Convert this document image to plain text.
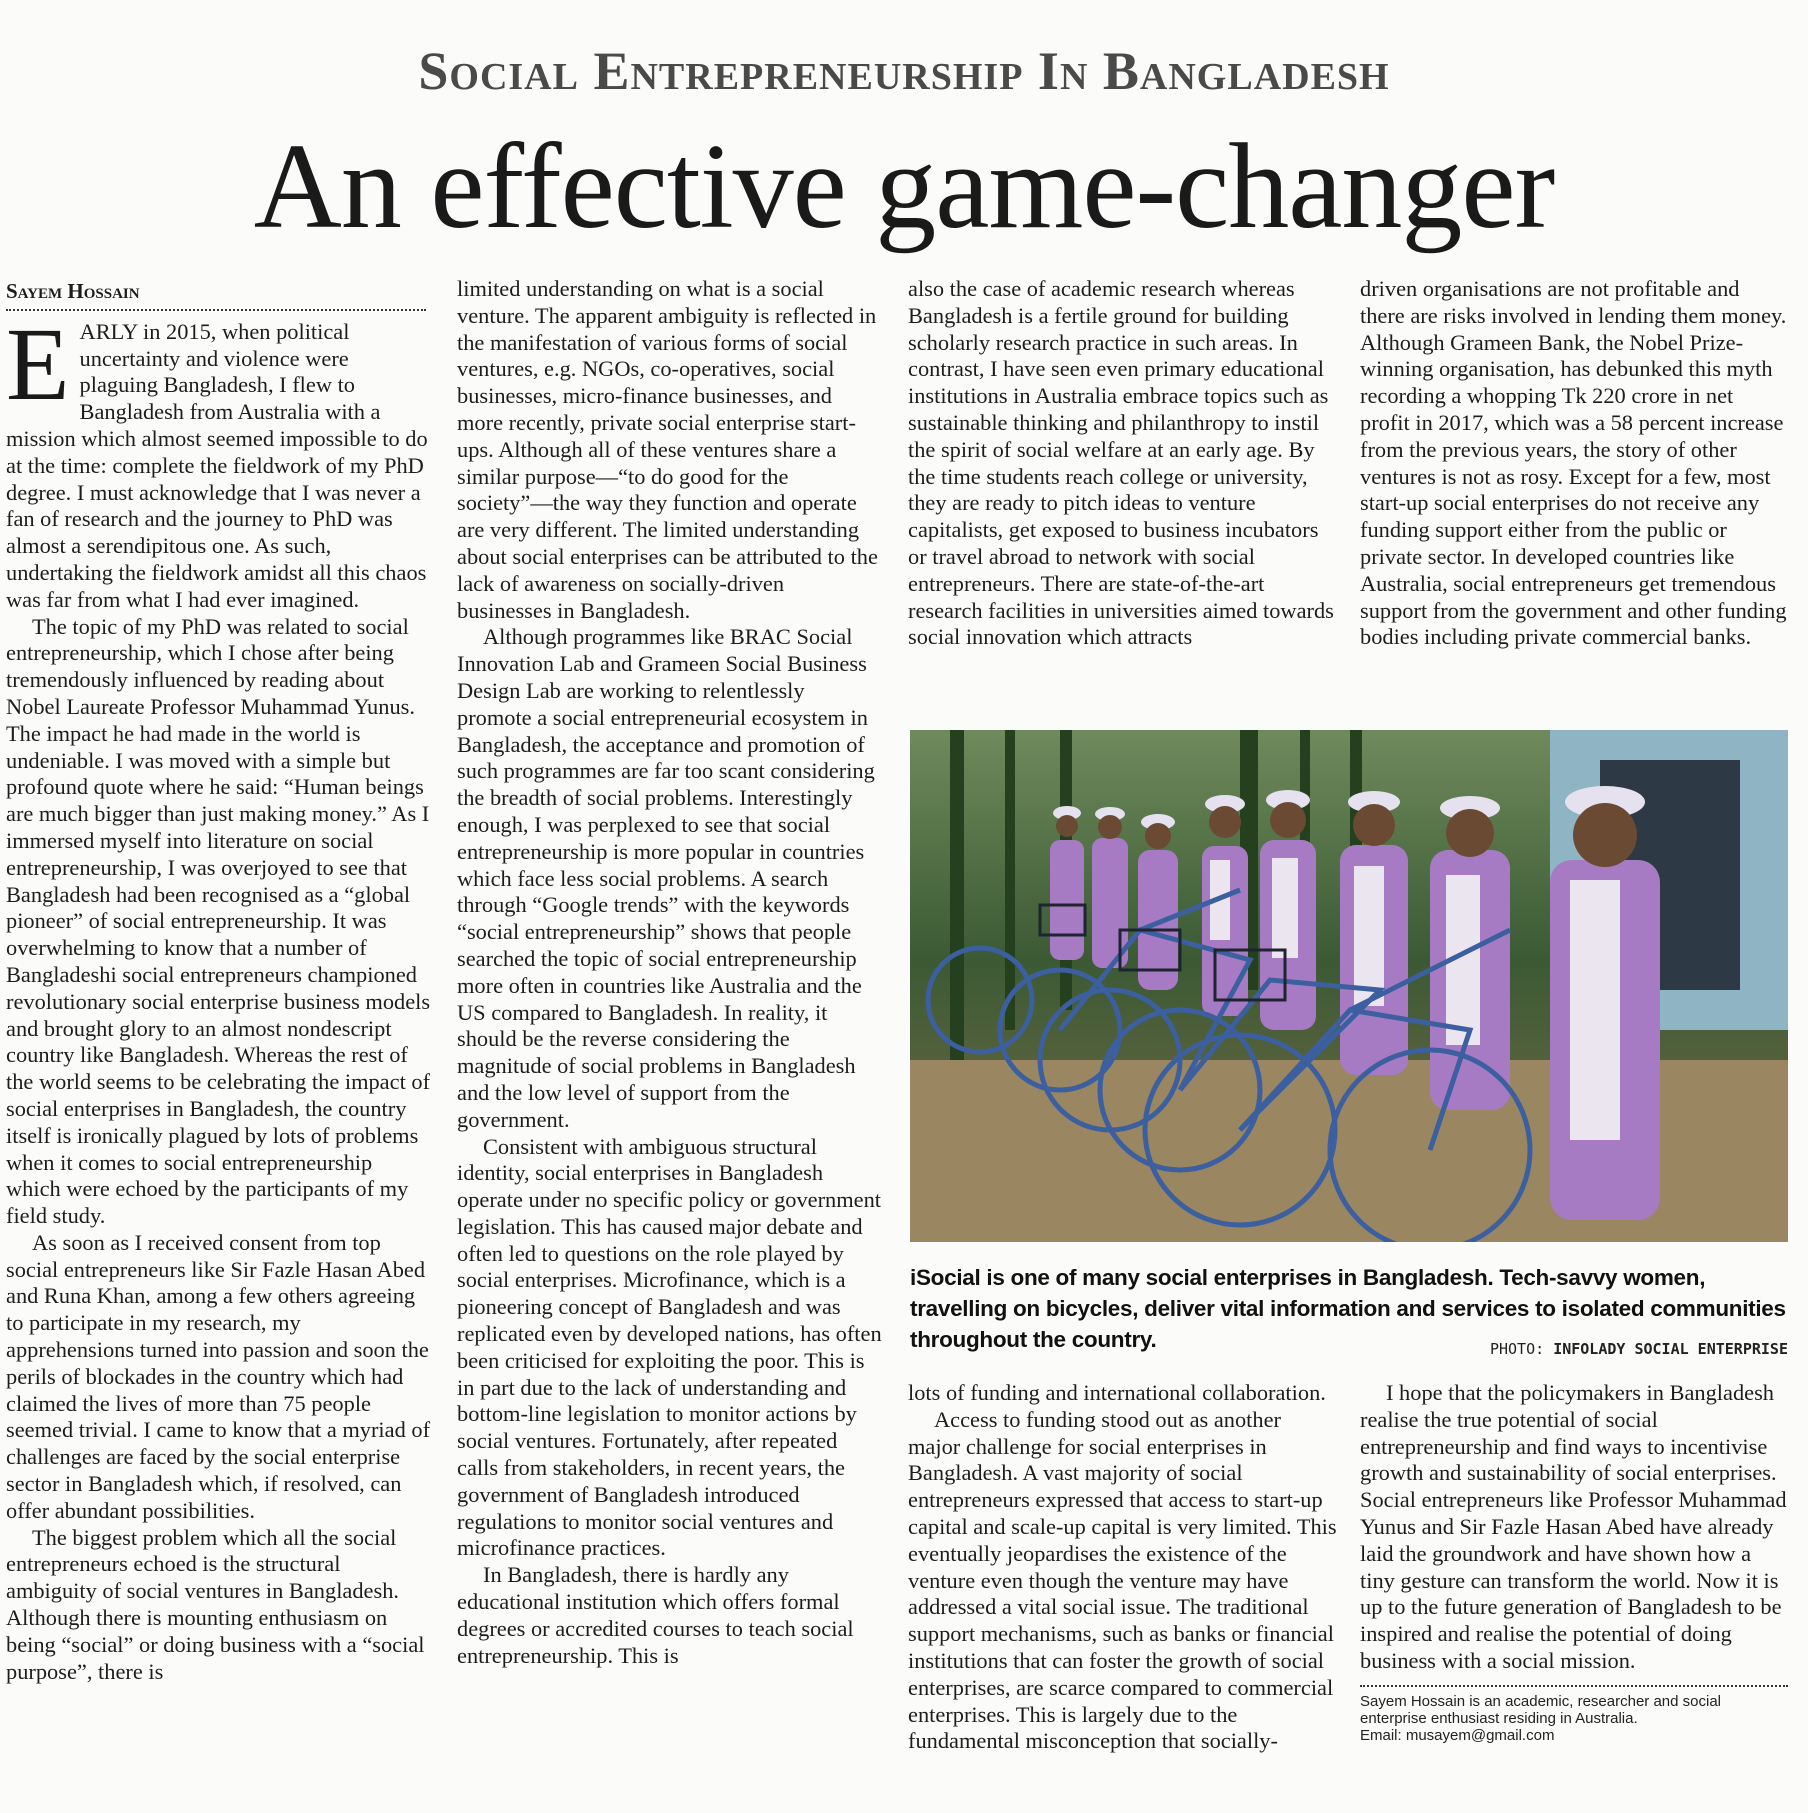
Social Entrepreneurship In Bangladesh
An effective game-changer
Sayem Hossain
E ARLY in 2015, when political uncertainty and violence were plaguing Bangladesh, I flew to Bangladesh from Australia with a mission which almost seemed impossible to do at the time: complete the fieldwork of my PhD degree. I must acknowledge that I was never a fan of research and the journey to PhD was almost a serendipitous one. As such, undertaking the fieldwork amidst all this chaos was far from what I had ever imagined.

The topic of my PhD was related to social entrepreneurship, which I chose after being tremendously influenced by reading about Nobel Laureate Professor Muhammad Yunus. The impact he had made in the world is undeniable. I was moved with a simple but profound quote where he said: “Human beings are much bigger than just making money.” As I immersed myself into literature on social entrepreneurship, I was overjoyed to see that Bangladesh had been recognised as a “global pioneer” of social entrepreneurship. It was overwhelming to know that a number of Bangladeshi social entrepreneurs championed revolutionary social enterprise business models and brought glory to an almost nondescript country like Bangladesh. Whereas the rest of the world seems to be celebrating the impact of social enterprises in Bangladesh, the country itself is ironically plagued by lots of problems when it comes to social entrepreneurship which were echoed by the participants of my field study.

As soon as I received consent from top social entrepreneurs like Sir Fazle Hasan Abed and Runa Khan, among a few others agreeing to participate in my research, my apprehensions turned into passion and soon the perils of blockades in the country which had claimed the lives of more than 75 people seemed trivial. I came to know that a myriad of challenges are faced by the social enterprise sector in Bangladesh which, if resolved, can offer abundant possibilities.

The biggest problem which all the social entrepreneurs echoed is the structural ambiguity of social ventures in Bangladesh. Although there is mounting enthusiasm on being “social” or doing business with a “social purpose”, there is

limited understanding on what is a social venture. The apparent ambiguity is reflected in the manifestation of various forms of social ventures, e.g. NGOs, co-operatives, social businesses, micro-finance businesses, and more recently, private social enterprise start-ups. Although all of these ventures share a similar purpose—“to do good for the society”—the way they function and operate are very different. The limited understanding about social enterprises can be attributed to the lack of awareness on socially-driven businesses in Bangladesh.

Although programmes like BRAC Social Innovation Lab and Grameen Social Business Design Lab are working to relentlessly promote a social entrepreneurial ecosystem in Bangladesh, the acceptance and promotion of such programmes are far too scant considering the breadth of social problems. Interestingly enough, I was perplexed to see that social entrepreneurship is more popular in countries which face less social problems. A search through “Google trends” with the keywords “social entrepreneurship” shows that people searched the topic of social entrepreneurship more often in countries like Australia and the US compared to Bangladesh. In reality, it should be the reverse considering the magnitude of social problems in Bangladesh and the low level of support from the government.

Consistent with ambiguous structural identity, social enterprises in Bangladesh operate under no specific policy or government legislation. This has caused major debate and often led to questions on the role played by social enterprises. Microfinance, which is a pioneering concept of Bangladesh and was replicated even by developed nations, has often been criticised for exploiting the poor. This is in part due to the lack of understanding and bottom-line legislation to monitor actions by social ventures. Fortunately, after repeated calls from stakeholders, in recent years, the government of Bangladesh introduced regulations to monitor social ventures and microfinance practices.

In Bangladesh, there is hardly any educational institution which offers formal degrees or accredited courses to teach social entrepreneurship. This is

also the case of academic research whereas Bangladesh is a fertile ground for building scholarly research practice in such areas. In contrast, I have seen even primary educational institutions in Australia embrace topics such as sustainable thinking and philanthropy to instil the spirit of social welfare at an early age. By the time students reach college or university, they are ready to pitch ideas to venture capitalists, get exposed to business incubators or travel abroad to network with social entrepreneurs. There are state-of-the-art research facilities in universities aimed towards social innovation which attracts

driven organisations are not profitable and there are risks involved in lending them money. Although Grameen Bank, the Nobel Prize-winning organisation, has debunked this myth recording a whopping Tk 220 crore in net profit in 2017, which was a 58 percent increase from the previous years, the story of other ventures is not as rosy. Except for a few, most start-up social enterprises do not receive any funding support either from the public or private sector. In developed countries like Australia, social entrepreneurs get tremendous support from the government and other funding bodies including private commercial banks.

iSocial is one of many social enterprises in Bangladesh. Tech-savvy women, travelling on bicycles, deliver vital information and services to isolated communities throughout the country.	PHOTO: INFOLADY SOCIAL ENTERPRISE

lots of funding and international collaboration.

Access to funding stood out as another major challenge for social enterprises in Bangladesh. A vast majority of social entrepreneurs expressed that access to start-up capital and scale-up capital is very limited. This eventually jeopardises the existence of the venture even though the venture may have addressed a vital social issue. The traditional support mechanisms, such as banks or financial institutions that can foster the growth of social enterprises, are scarce compared to commercial enterprises. This is largely due to the fundamental misconception that socially-

I hope that the policymakers in Bangladesh realise the true potential of social entrepreneurship and find ways to incentivise growth and sustainability of social enterprises. Social entrepreneurs like Professor Muhammad Yunus and Sir Fazle Hasan Abed have already laid the groundwork and have shown how a tiny gesture can transform the world. Now it is up to the future generation of Bangladesh to be inspired and realise the potential of doing business with a social mission.

Sayem Hossain is an academic, researcher and social
enterprise enthusiast residing in Australia.
Email: musayem@gmail.com
